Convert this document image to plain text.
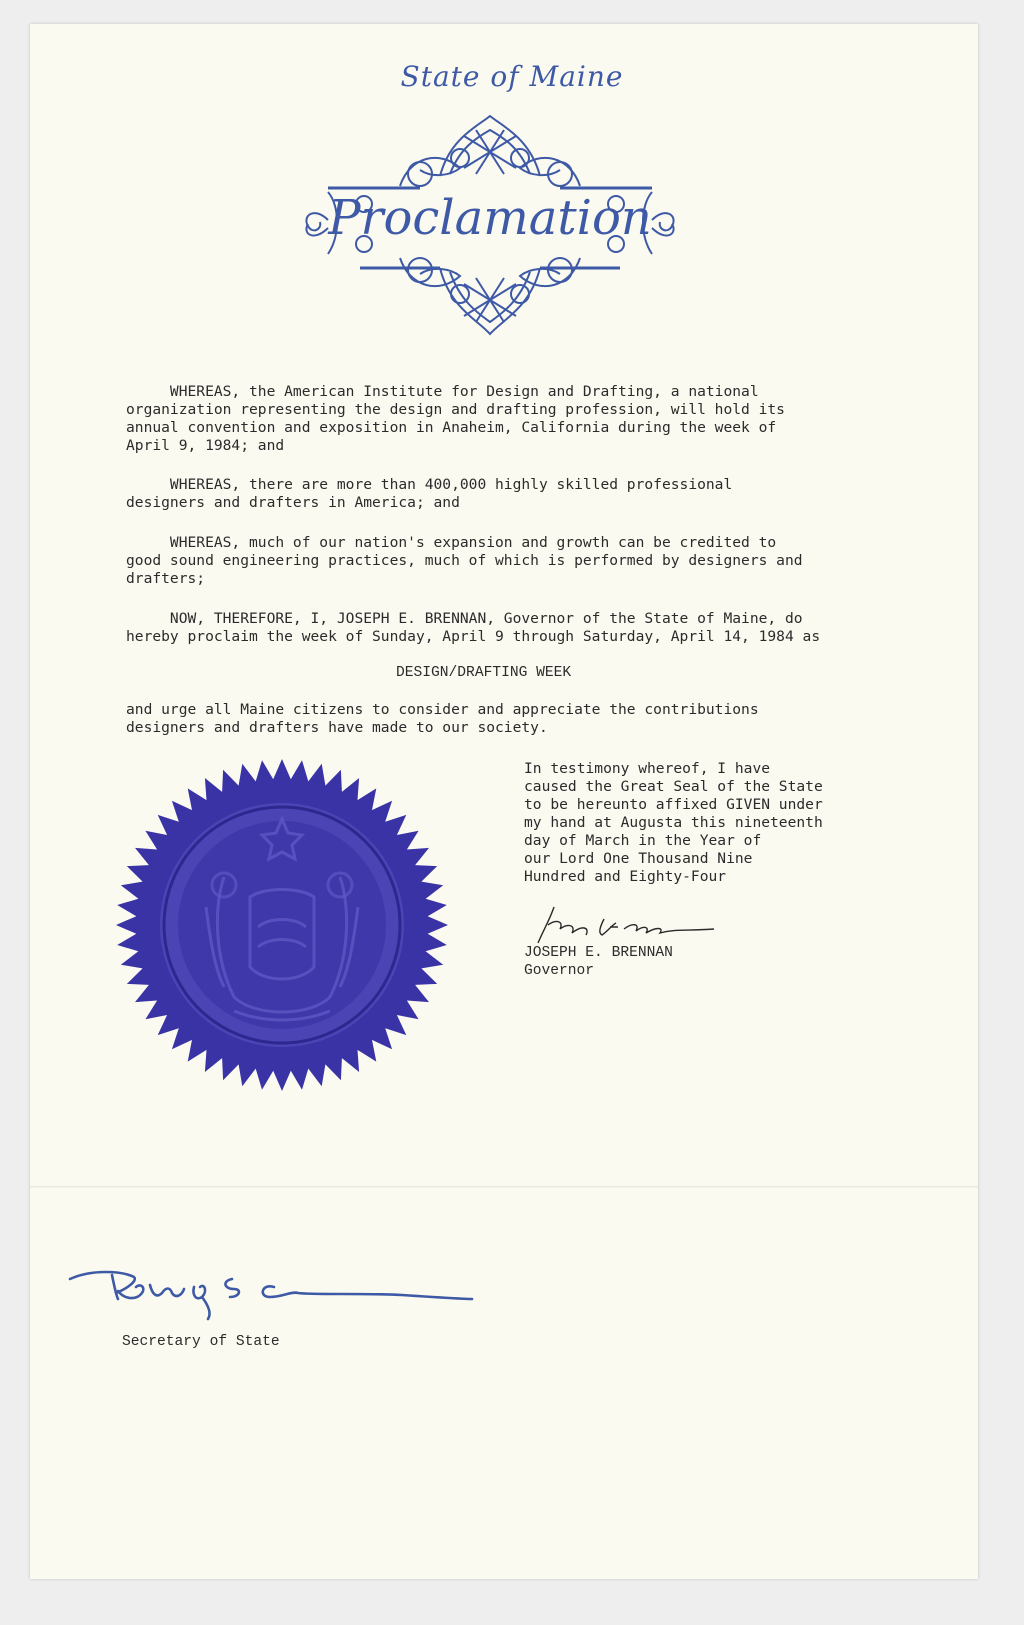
State of Maine
Proclamation
WHEREAS, the American Institute for Design and Drafting, a national
organization representing the design and drafting profession, will hold its
annual convention and exposition in Anaheim, California during the week of
April 9, 1984; and
WHEREAS, there are more than 400,000 highly skilled professional
designers and drafters in America; and
WHEREAS, much of our nation's expansion and growth can be credited to
good sound engineering practices, much of which is performed by designers and
drafters;
NOW, THEREFORE, I, JOSEPH E. BRENNAN, Governor of the State of Maine, do
hereby proclaim the week of Sunday, April 9 through Saturday, April 14, 1984 as
DESIGN/DRAFTING WEEK
and urge all Maine citizens to consider and appreciate the contributions
designers and drafters have made to our society.
In testimony whereof, I have
caused the Great Seal of the State
to be hereunto affixed GIVEN under
my hand at Augusta this nineteenth
day of March in the Year of
our Lord One Thousand Nine
Hundred and Eighty-Four
JOSEPH E. BRENNAN
Governor
Secretary of State
